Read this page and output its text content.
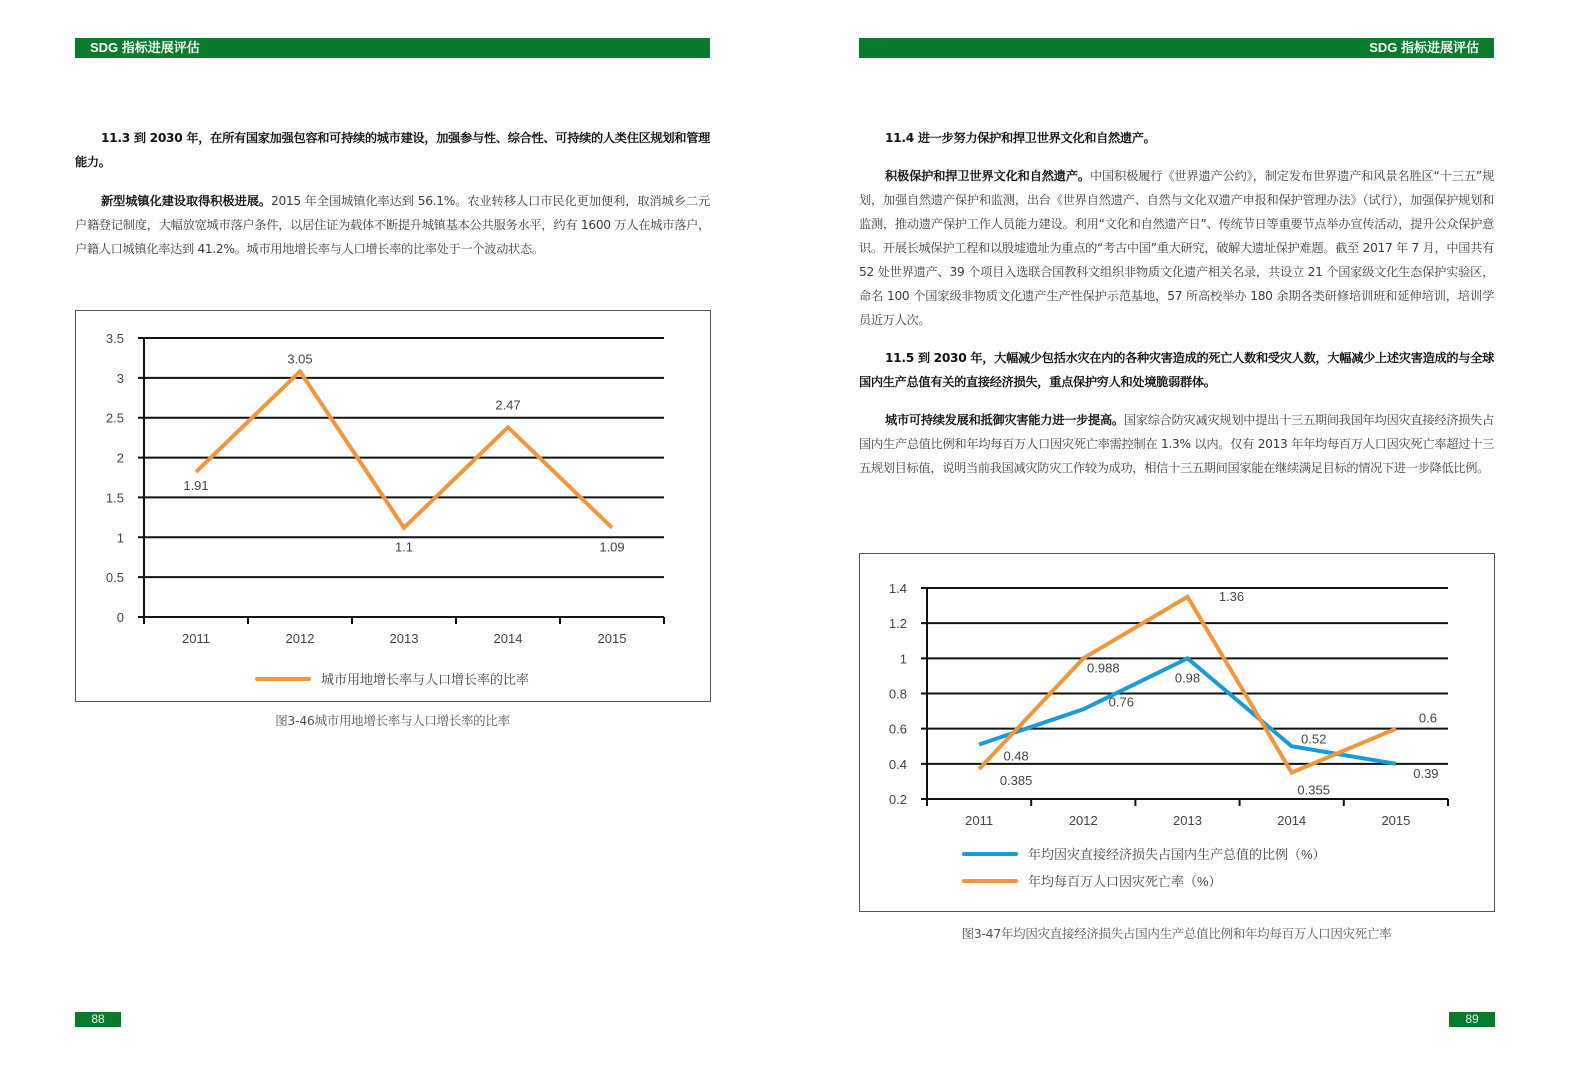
SDG 指标进展评估
11.3 到 2030 年，在所有国家加强包容和可持续的城市建设，加强参与性、综合性、可持续的人类住区规划和管理能力。
新型城镇化建设取得积极进展。2015 年全国城镇化率达到 56.1%。农业转移人口市民化更加便利，取消城乡二元户籍登记制度，大幅放宽城市落户条件，以居住证为载体不断提升城镇基本公共服务水平，约有 1600 万人在城市落户，户籍人口城镇化率达到 41.2%。城市用地增长率与人口增长率的比率处于一个波动状态。
0
0.5
1
1.5
2
2.5
3
3.5
2011	2012	2013	2014	2015
1.91
3.05
1.1
2.47
1.09
城市用地增长率与人口增长率的比率
图3-46城市用地增长率与人口增长率的比率
88
SDG 指标进展评估
11.4 进一步努力保护和捍卫世界文化和自然遗产。
积极保护和捍卫世界文化和自然遗产。中国积极履行《世界遗产公约》，制定发布世界遗产和风景名胜区“十三五”规划，加强自然遗产保护和监测，出台《世界自然遗产、自然与文化双遗产申报和保护管理办法》（试行），加强保护规划和监测，推动遗产保护工作人员能力建设。利用“文化和自然遗产日”、传统节日等重要节点举办宣传活动，提升公众保护意识。开展长城保护工程和以殷墟遗址为重点的“考古中国”重大研究，破解大遗址保护难题。截至 2017 年 7 月，中国共有 52 处世界遗产、39 个项目入选联合国教科文组织非物质文化遗产相关名录，共设立 21 个国家级文化生态保护实验区，命名 100 个国家级非物质文化遗产生产性保护示范基地，57 所高校举办 180 余期各类研修培训班和延伸培训，培训学员近万人次。
11.5 到 2030 年，大幅减少包括水灾在内的各种灾害造成的死亡人数和受灾人数，大幅减少上述灾害造成的与全球国内生产总值有关的直接经济损失，重点保护穷人和处境脆弱群体。
城市可持续发展和抵御灾害能力进一步提高。国家综合防灾减灾规划中提出十三五期间我国年均因灾直接经济损失占国内生产总值比例和年均每百万人口因灾死亡率需控制在 1.3% 以内。仅有 2013 年年均每百万人口因灾死亡率超过十三五规划目标值，说明当前我国减灾防灾工作较为成功，相信十三五期间国家能在继续满足目标的情况下进一步降低比例。
0.2
0.4
0.6
0.8
1
1.2
1.4
2011	2012	2013	2014	2015
0.48
0.76
0.98
0.52
0.39
0.385
0.988
1.36
0.355
0.6
年均因灾直接经济损失占国内生产总值的比例（%）
年均每百万人口因灾死亡率（%）
图3-47年均因灾直接经济损失占国内生产总值比例和年均每百万人口因灾死亡率
89
